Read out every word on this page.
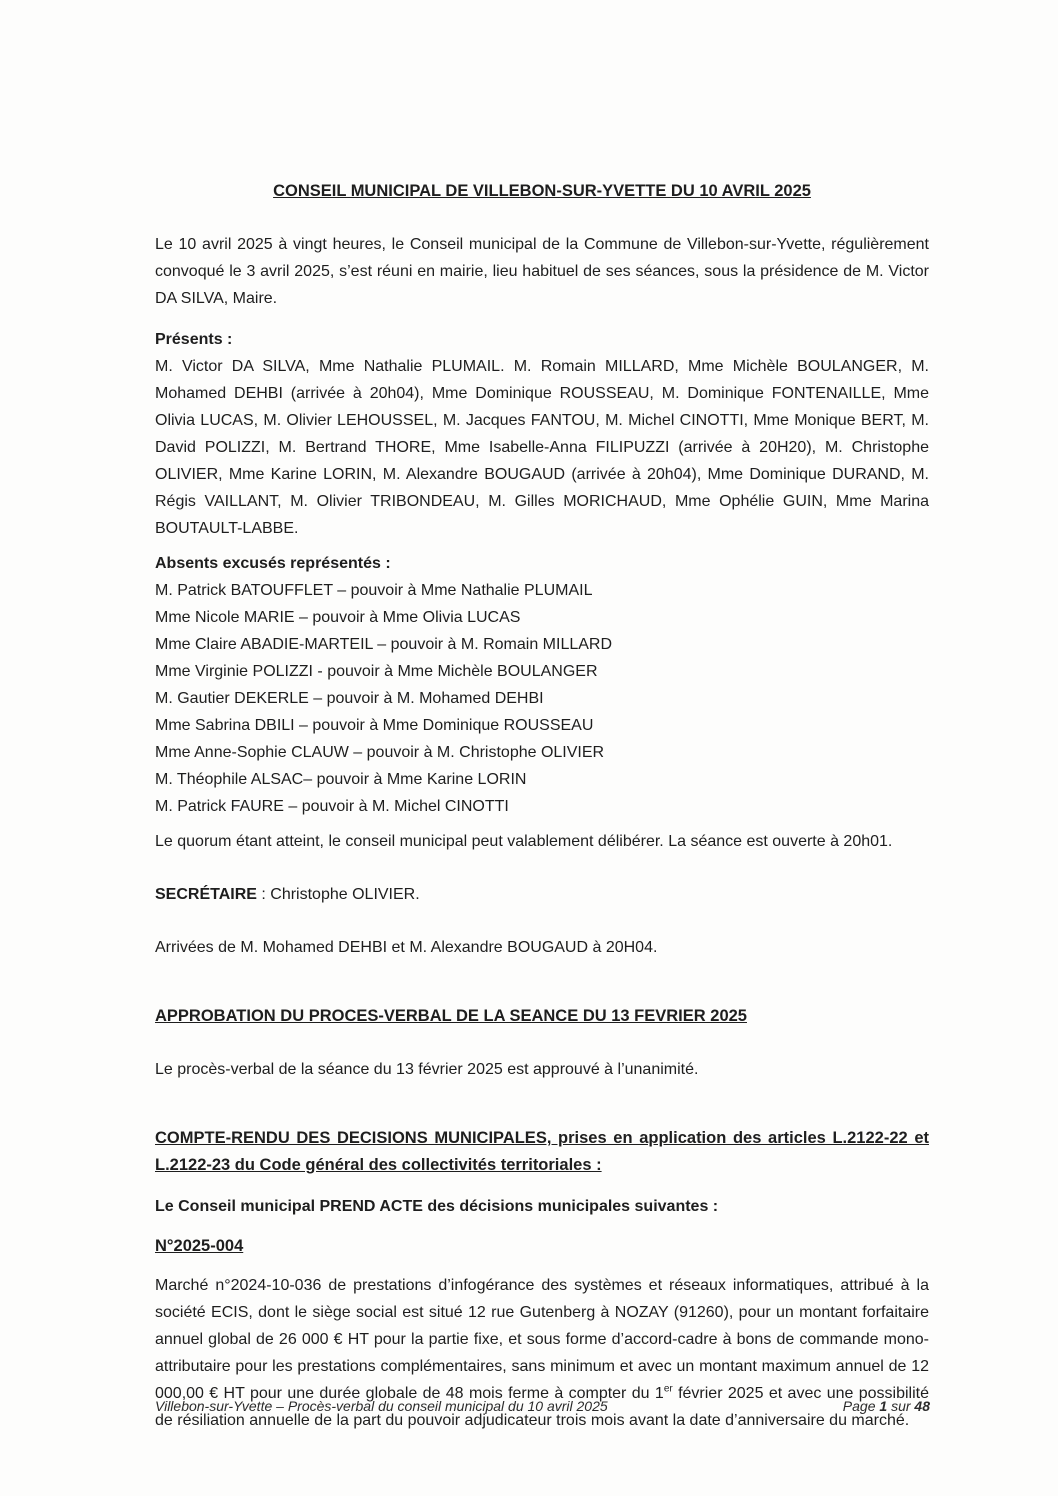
CONSEIL MUNICIPAL DE VILLEBON-SUR-YVETTE DU 10 AVRIL 2025

Le 10 avril 2025 à vingt heures, le Conseil municipal de la Commune de Villebon-sur-Yvette, régulièrement convoqué le 3 avril 2025, s’est réuni en mairie, lieu habituel de ses séances, sous la présidence de M. Victor DA SILVA, Maire.

Présents :

M. Victor DA SILVA, Mme Nathalie PLUMAIL. M. Romain MILLARD, Mme Michèle BOULANGER, M. Mohamed DEHBI (arrivée à 20h04), Mme Dominique ROUSSEAU, M. Dominique FONTENAILLE, Mme Olivia LUCAS, M. Olivier LEHOUSSEL, M. Jacques FANTOU, M. Michel CINOTTI, Mme Monique BERT, M. David POLIZZI, M. Bertrand THORE, Mme Isabelle-Anna FILIPUZZI (arrivée à 20H20), M. Christophe OLIVIER, Mme Karine LORIN, M. Alexandre BOUGAUD (arrivée à 20h04), Mme Dominique DURAND, M. Régis VAILLANT, M. Olivier TRIBONDEAU, M. Gilles MORICHAUD, Mme Ophélie GUIN, Mme Marina BOUTAULT-LABBE.

Absents excusés représentés :

M. Patrick BATOUFFLET – pouvoir à Mme Nathalie PLUMAIL

Mme Nicole MARIE – pouvoir à Mme Olivia LUCAS

Mme Claire ABADIE-MARTEIL – pouvoir à M. Romain MILLARD

Mme Virginie POLIZZI - pouvoir à Mme Michèle BOULANGER

M. Gautier DEKERLE – pouvoir à M. Mohamed DEHBI

Mme Sabrina DBILI – pouvoir à Mme Dominique ROUSSEAU

Mme Anne-Sophie CLAUW – pouvoir à M. Christophe OLIVIER

M. Théophile ALSAC– pouvoir à Mme Karine LORIN

M. Patrick FAURE – pouvoir à M. Michel CINOTTI

Le quorum étant atteint, le conseil municipal peut valablement délibérer. La séance est ouverte à 20h01.

SECRÉTAIRE : Christophe OLIVIER.

Arrivées de M. Mohamed DEHBI et M. Alexandre BOUGAUD à 20H04.

APPROBATION DU PROCES-VERBAL DE LA SEANCE DU 13 FEVRIER 2025

Le procès-verbal de la séance du 13 février 2025 est approuvé à l’unanimité.

COMPTE-RENDU DES DECISIONS MUNICIPALES, prises en application des articles L.2122-22 et L.2122-23 du Code général des collectivités territoriales :

Le Conseil municipal PREND ACTE des décisions municipales suivantes :

N°2025-004

Marché n°2024-10-036 de prestations d’infogérance des systèmes et réseaux informatiques, attribué à la société ECIS, dont le siège social est situé 12 rue Gutenberg à NOZAY (91260), pour un montant forfaitaire annuel global de 26 000 € HT pour la partie fixe, et sous forme d’accord-cadre à bons de commande mono-attributaire pour les prestations complémentaires, sans minimum et avec un montant maximum annuel de 12 000,00 € HT pour une durée globale de 48 mois ferme à compter du 1er février 2025 et avec une possibilité de résiliation annuelle de la part du pouvoir adjudicateur trois mois avant la date d’anniversaire du marché.

Villebon-sur-Yvette – Procès-verbal du conseil municipal du 10 avril 2025	Page 1 sur 48
